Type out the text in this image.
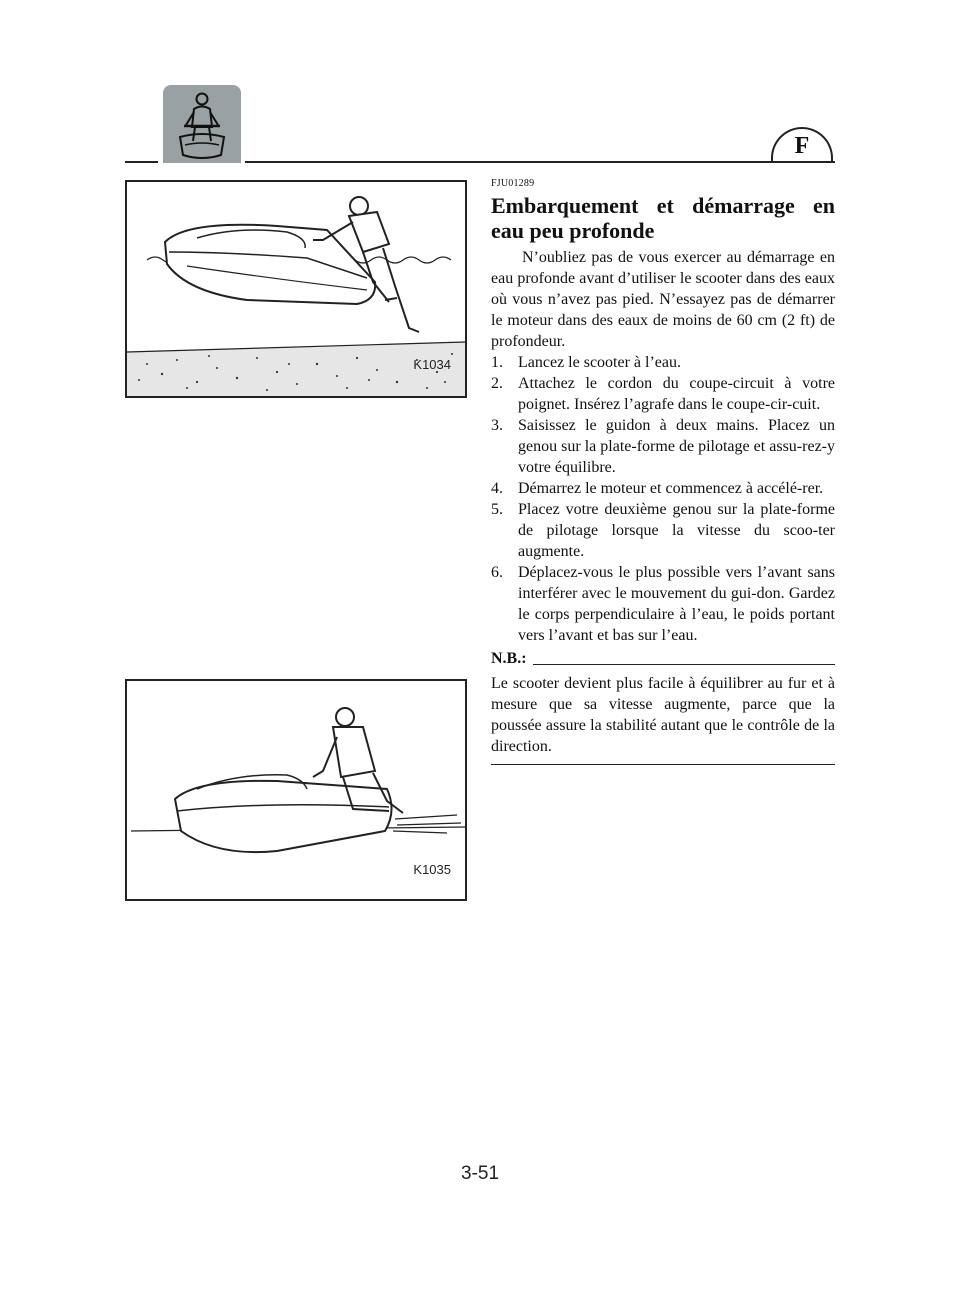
F
K1034
K1035
FJU01289
Embarquement et démarrage en eau peu profonde

N’oubliez pas de vous exercer au démarrage en eau profonde avant d’utiliser le scooter dans des eaux où vous n’avez pas pied. N’essayez pas de démarrer le moteur dans des eaux de moins de 60 cm (2 ft) de profondeur.

1. Lancez le scooter à l’eau.
2. Attachez le cordon du coupe-circuit à votre poignet. Insérez l’agrafe dans le coupe-cir-cuit.
3. Saisissez le guidon à deux mains. Placez un genou sur la plate-forme de pilotage et assu-rez-y votre équilibre.
4. Démarrez le moteur et commencez à accélé-rer.
5. Placez votre deuxième genou sur la plate-forme de pilotage lorsque la vitesse du scoo-ter augmente.
6. Déplacez-vous le plus possible vers l’avant sans interférer avec le mouvement du gui-don. Gardez le corps perpendiculaire à l’eau, le poids portant vers l’avant et bas sur l’eau.
N.B.:

Le scooter devient plus facile à équilibrer au fur et à mesure que sa vitesse augmente, parce que la poussée assure la stabilité autant que le contrôle de la direction.

3-51
